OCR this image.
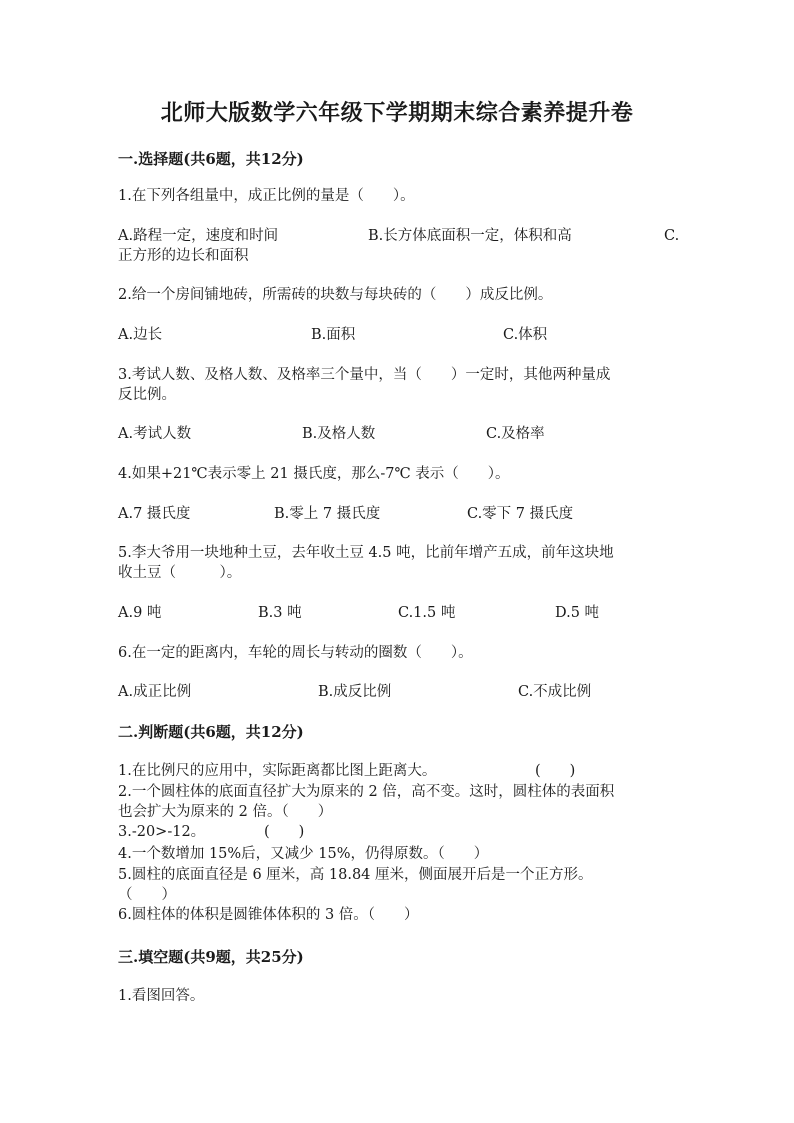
北师大版数学六年级下学期期末综合素养提升卷
一.选择题(共6题，共12分)
1.在下列各组量中，成正比例的量是（　　）。
A.路程一定，速度和时间	B.长方体底面积一定，体积和高	C.
正方形的边长和面积
2.给一个房间铺地砖，所需砖的块数与每块砖的（　　）成反比例。
A.边长	B.面积	C.体积
3.考试人数、及格人数、及格率三个量中，当（　　）一定时，其他两种量成
反比例。
A.考试人数	B.及格人数	C.及格率
4.如果+21℃表示零上 21 摄氏度，那么-7℃ 表示（　　）。
A.7 摄氏度	B.零上 7 摄氏度	C.零下 7 摄氏度
5.李大爷用一块地种土豆，去年收土豆 4.5 吨，比前年增产五成，前年这块地
收土豆（　　　）。
A.9 吨	B.3 吨	C.1.5 吨	D.5 吨
6.在一定的距离内，车轮的周长与转动的圈数（　　）。
A.成正比例	B.成反比例	C.不成比例
二.判断题(共6题，共12分)
1.在比例尺的应用中，实际距离都比图上距离大。	(　　)
2.一个圆柱体的底面直径扩大为原来的 2 倍，高不变。这时，圆柱体的表面积
也会扩大为原来的 2 倍。（　　）
3.-20>-12。	(　　)
4.一个数增加 15%后，又减少 15%，仍得原数。（　　）
5.圆柱的底面直径是 6 厘米，高 18.84 厘米，侧面展开后是一个正方形。
（　　）
6.圆柱体的体积是圆锥体体积的 3 倍。（　　）
三.填空题(共9题，共25分)
1.看图回答。
